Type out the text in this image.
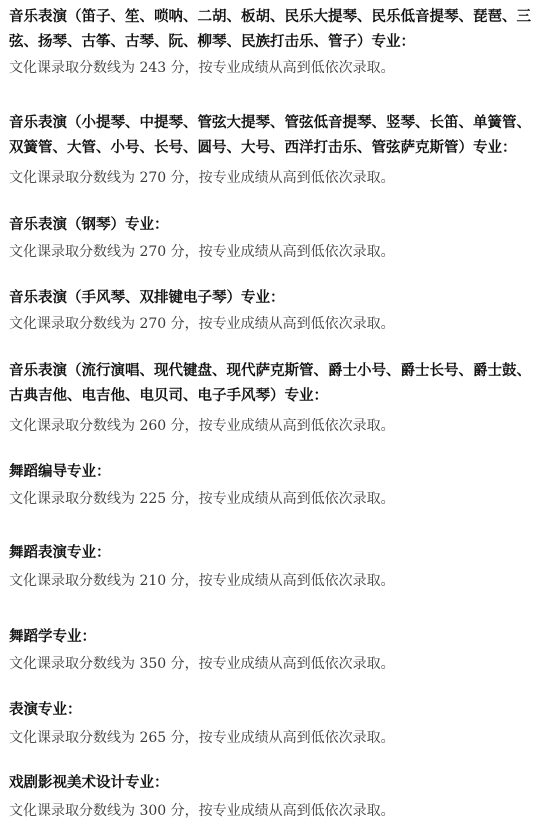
音乐表演（笛子、笙、唢呐、二胡、板胡、民乐大提琴、民乐低音提琴、琵琶、三弦、扬琴、古筝、古琴、阮、柳琴、民族打击乐、管子）专业：
文化课录取分数线为 243 分，按专业成绩从高到低依次录取。
音乐表演（小提琴、中提琴、管弦大提琴、管弦低音提琴、竖琴、长笛、单簧管、双簧管、大管、小号、长号、圆号、大号、西洋打击乐、管弦萨克斯管）专业：
文化课录取分数线为 270 分，按专业成绩从高到低依次录取。
音乐表演（钢琴）专业：
文化课录取分数线为 270 分，按专业成绩从高到低依次录取。
音乐表演（手风琴、双排键电子琴）专业：
文化课录取分数线为 270 分，按专业成绩从高到低依次录取。
音乐表演（流行演唱、现代键盘、现代萨克斯管、爵士小号、爵士长号、爵士鼓、古典吉他、电吉他、电贝司、电子手风琴）专业：
文化课录取分数线为 260 分，按专业成绩从高到低依次录取。
舞蹈编导专业：
文化课录取分数线为 225 分，按专业成绩从高到低依次录取。
舞蹈表演专业：
文化课录取分数线为 210 分，按专业成绩从高到低依次录取。
舞蹈学专业：
文化课录取分数线为 350 分，按专业成绩从高到低依次录取。
表演专业：
文化课录取分数线为 265 分，按专业成绩从高到低依次录取。
戏剧影视美术设计专业：
文化课录取分数线为 300 分，按专业成绩从高到低依次录取。
